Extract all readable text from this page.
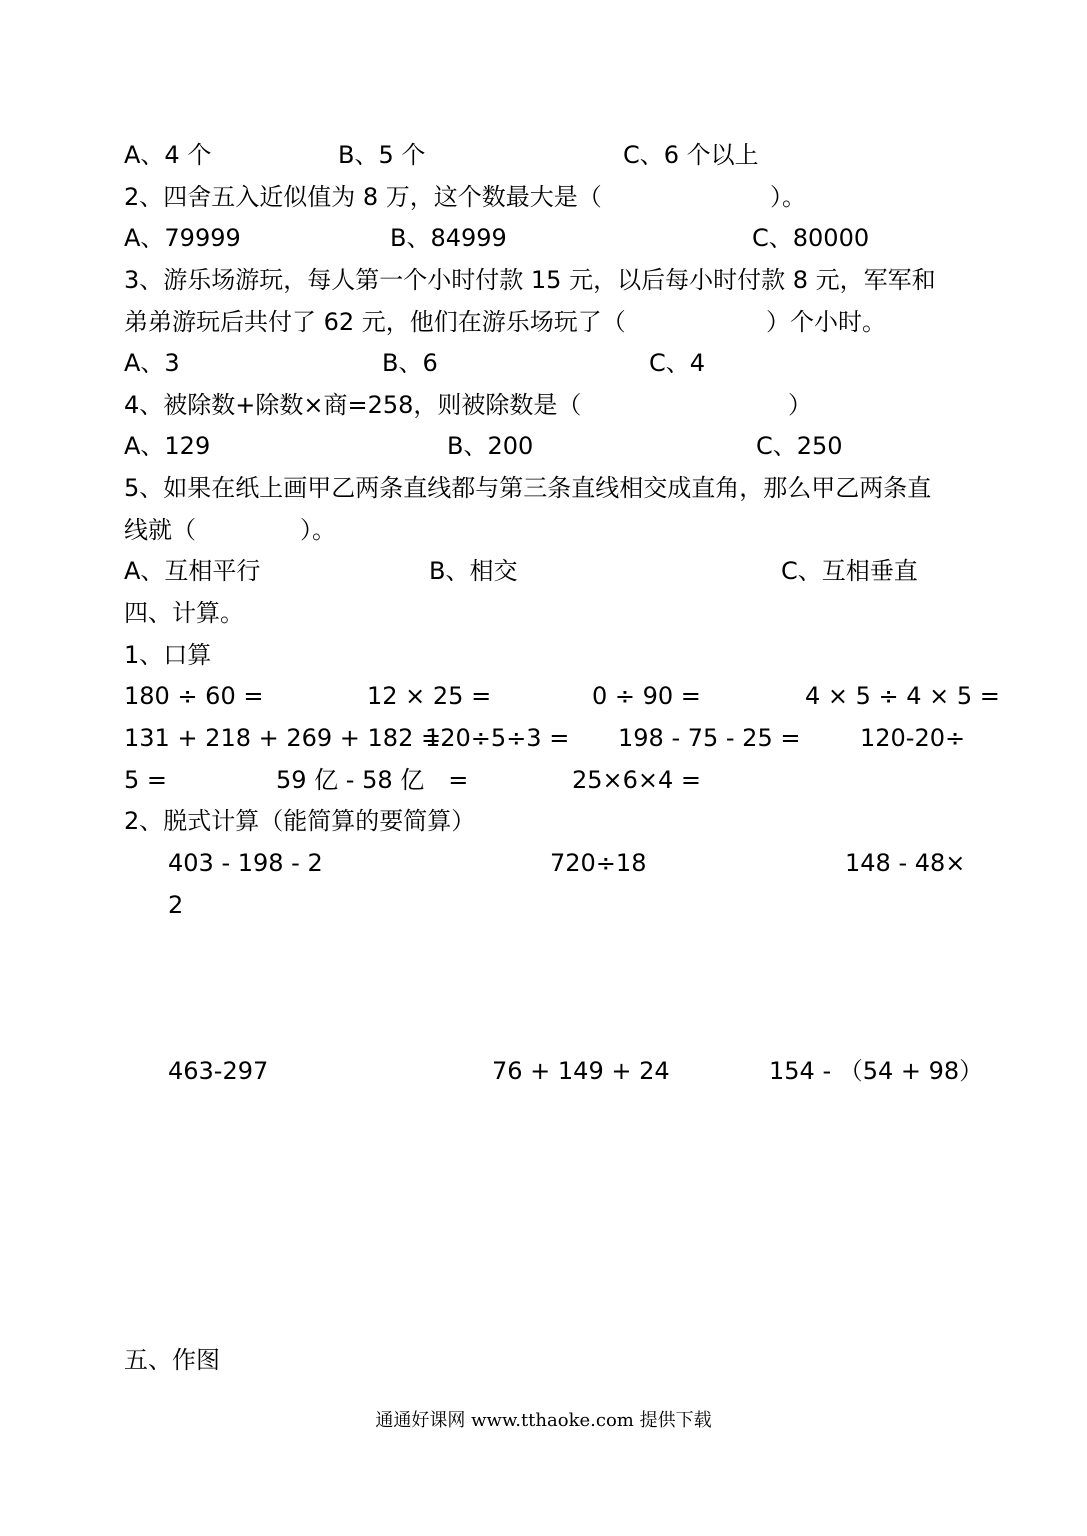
A、4 个	B、5 个	C、6 个以上
2、四舍五入近似值为 8 万，这个数最大是（	）。
A、79999	B、84999	C、80000
3、游乐场游玩，每人第一个小时付款 15 元，以后每小时付款 8 元，军军和
弟弟游玩后共付了 62 元，他们在游乐场玩了（	）个小时。
A、3	B、6	C、4
4、被除数+除数×商=258，则被除数是（	）
A、129	B、200	C、250
5、如果在纸上画甲乙两条直线都与第三条直线相交成直角，那么甲乙两条直
线就（	）。
A、互相平行	B、相交	C、互相垂直
四、计算。
1、口算
180 ÷ 60 =	12 × 25 =	0 ÷ 90 =	4 × 5 ÷ 4 × 5 =
131 + 218 + 269 + 182 =
120÷5÷3 = 198 - 75 - 25 = 120-20÷
5 =	59 亿 - 58 亿　=	25×6×4 =
2、脱式计算（能简算的要简算）
403 - 198 - 2	720÷18	148 - 48×
2
463-297	76 + 149 + 24	154 - （54 + 98）
五、作图
通通好课网 www.tthaoke.com 提供下载
